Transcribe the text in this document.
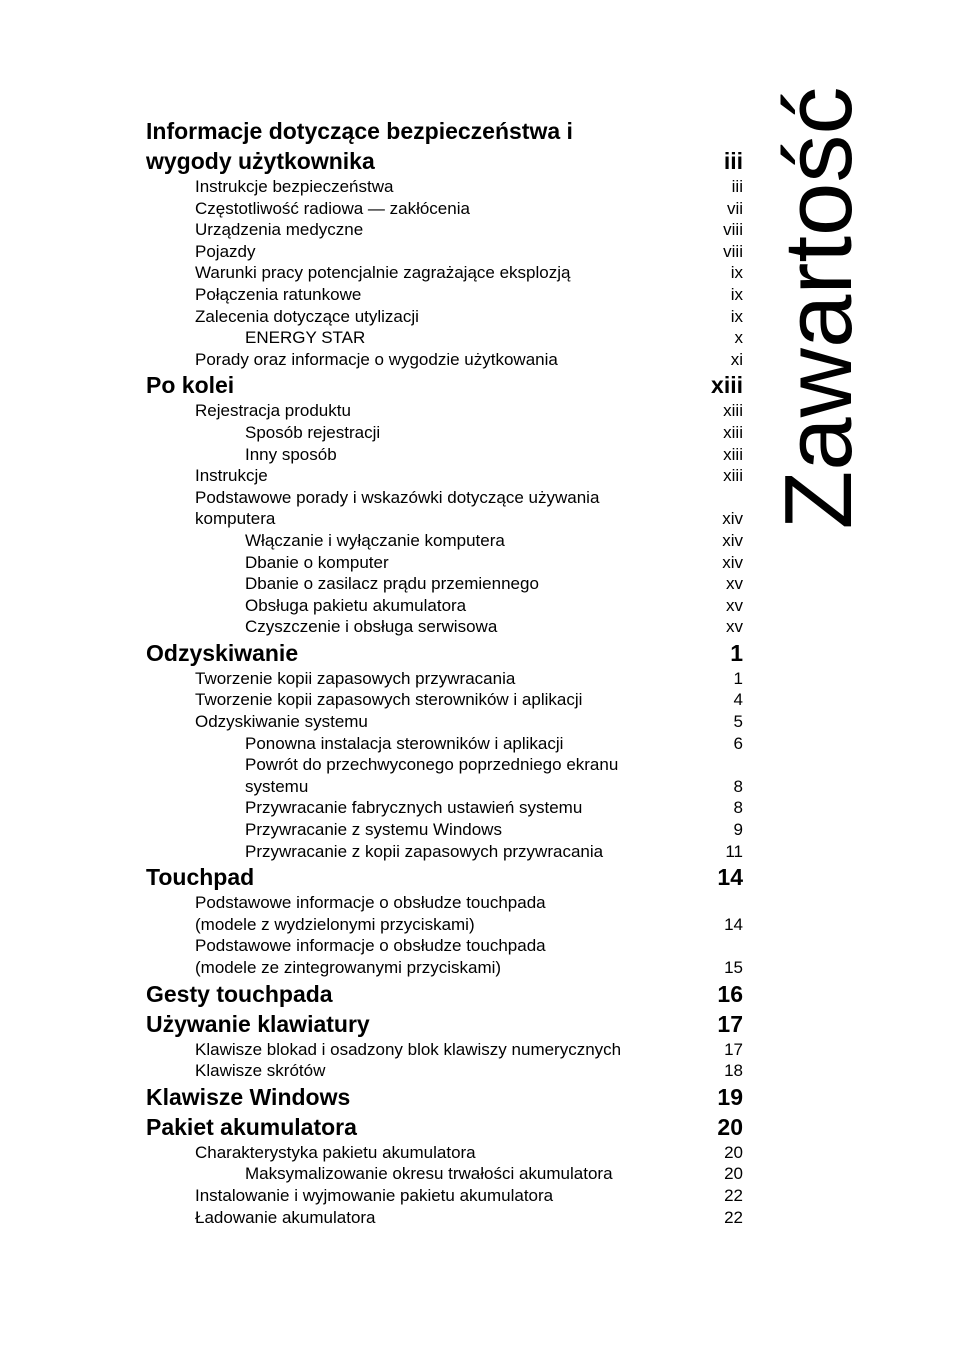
Zawartość
Informacje dotyczące bezpieczeństwa i
wygody użytkownika	iii
Instrukcje bezpieczeństwa	iii
Częstotliwość radiowa — zakłócenia	vii
Urządzenia medyczne	viii
Pojazdy	viii
Warunki pracy potencjalnie zagrażające eksplozją	ix
Połączenia ratunkowe	ix
Zalecenia dotyczące utylizacji	ix
ENERGY STAR	x
Porady oraz informacje o wygodzie użytkowania	xi
Po kolei	xiii
Rejestracja produktu	xiii
Sposób rejestracji	xiii
Inny sposób	xiii
Instrukcje	xiii
Podstawowe porady i wskazówki dotyczące używania
komputera	xiv
Włączanie i wyłączanie komputera	xiv
Dbanie o komputer	xiv
Dbanie o zasilacz prądu przemiennego	xv
Obsługa pakietu akumulatora	xv
Czyszczenie i obsługa serwisowa	xv
Odzyskiwanie	1
Tworzenie kopii zapasowych przywracania	1
Tworzenie kopii zapasowych sterowników i aplikacji	4
Odzyskiwanie systemu	5
Ponowna instalacja sterowników i aplikacji	6
Powrót do przechwyconego poprzedniego ekranu
systemu	8
Przywracanie fabrycznych ustawień systemu	8
Przywracanie z systemu Windows	9
Przywracanie z kopii zapasowych przywracania	11
Touchpad	14
Podstawowe informacje o obsłudze touchpada
(modele z wydzielonymi przyciskami)	14
Podstawowe informacje o obsłudze touchpada
(modele ze zintegrowanymi przyciskami)	15
Gesty touchpada	16
Używanie klawiatury	17
Klawisze blokad i osadzony blok klawiszy numerycznych	17
Klawisze skrótów	18
Klawisze Windows	19
Pakiet akumulatora	20
Charakterystyka pakietu akumulatora	20
Maksymalizowanie okresu trwałości akumulatora	20
Instalowanie i wyjmowanie pakietu akumulatora	22
Ładowanie akumulatora	22
